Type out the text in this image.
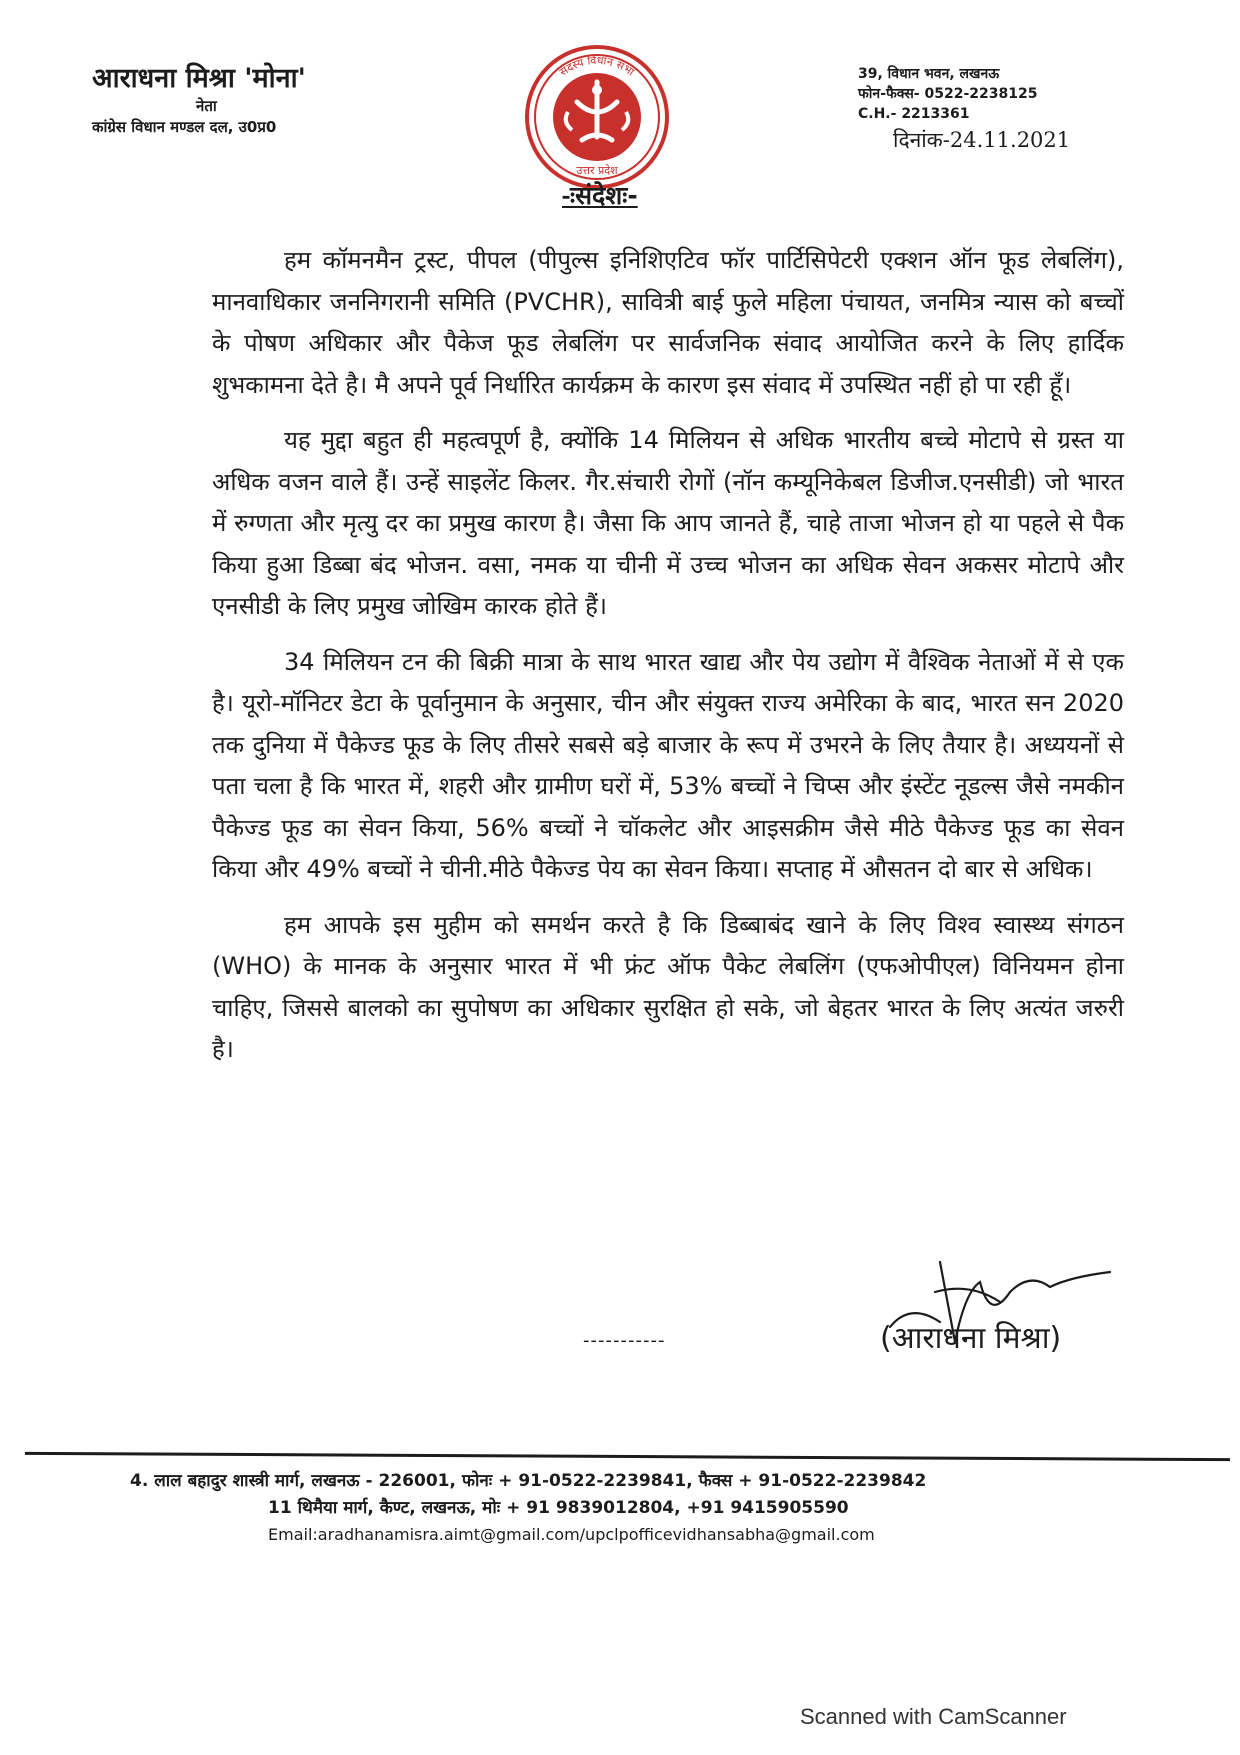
आराधना मिश्रा 'मोना'
नेता
कांग्रेस विधान मण्डल दल, उ0प्र0
सदस्य विधान सभा
उत्तर प्रदेश
39, विधान भवन, लखनऊ
फोन-फैक्स- 0522-2238125
C.H.- 2213361
दिनांक-24.11.2021
-ःसंदेशः-

हम कॉमनमैन ट्रस्ट, पीपल (पीपुल्स इनिशिएटिव फॉर पार्टिसिपेटरी एक्शन ऑन फूड लेबलिंग), मानवाधिकार जननिगरानी समिति (PVCHR), सावित्री बाई फुले महिला पंचायत, जनमित्र न्यास को बच्चों के पोषण अधिकार और पैकेज फूड लेबलिंग पर सार्वजनिक संवाद आयोजित करने के लिए हार्दिक शुभकामना देते है। मै अपने पूर्व निर्धारित कार्यक्रम के कारण इस संवाद में उपस्थित नहीं हो पा रही हूँ।

यह मुद्दा बहुत ही महत्वपूर्ण है, क्योंकि 14 मिलियन से अधिक भारतीय बच्चे मोटापे से ग्रस्त या अधिक वजन वाले हैं। उन्हें साइलेंट किलर. गैर.संचारी रोगों (नॉन कम्यूनिकेबल डिजीज.एनसीडी) जो भारत में रुग्णता और मृत्यु दर का प्रमुख कारण है। जैसा कि आप जानते हैं, चाहे ताजा भोजन हो या पहले से पैक किया हुआ डिब्बा बंद भोजन. वसा, नमक या चीनी में उच्च भोजन का अधिक सेवन अकसर मोटापे और एनसीडी के लिए प्रमुख जोखिम कारक होते हैं।

34 मिलियन टन की बिक्री मात्रा के साथ भारत खाद्य और पेय उद्योग में वैश्विक नेताओं में से एक है। यूरो-मॉनिटर डेटा के पूर्वानुमान के अनुसार, चीन और संयुक्त राज्य अमेरिका के बाद, भारत सन 2020 तक दुनिया में पैकेज्ड फूड के लिए तीसरे सबसे बड़े बाजार के रूप में उभरने के लिए तैयार है। अध्ययनों से पता चला है कि भारत में, शहरी और ग्रामीण घरों में, 53% बच्चों ने चिप्स और इंस्टेंट नूडल्स जैसे नमकीन पैकेज्ड फूड का सेवन किया, 56% बच्चों ने चॉकलेट और आइसक्रीम जैसे मीठे पैकेज्ड फूड का सेवन किया और 49% बच्चों ने चीनी.मीठे पैकेज्ड पेय का सेवन किया। सप्ताह में औसतन दो बार से अधिक।

हम आपके इस मुहीम को समर्थन करते है कि डिब्बाबंद खाने के लिए विश्व स्वास्थ्य संगठन (WHO) के मानक के अनुसार भारत में भी फ्रंट ऑफ पैकेट लेबलिंग (एफओपीएल) विनियमन होना चाहिए, जिससे बालको का सुपोषण का अधिकार सुरक्षित हो सके, जो बेहतर भारत के लिए अत्यंत जरुरी है।

-----------	(आराधना मिश्रा)
4. लाल बहादुर शास्त्री मार्ग, लखनऊ - 226001, फोनः + 91-0522-2239841, फैक्स + 91-0522-2239842
11 थिमैया मार्ग, कैण्ट, लखनऊ, मोः + 91 9839012804, +91 9415905590
Email:aradhanamisra.aimt@gmail.com/upclpofficevidhansabha@gmail.com
Scanned with CamScanner
